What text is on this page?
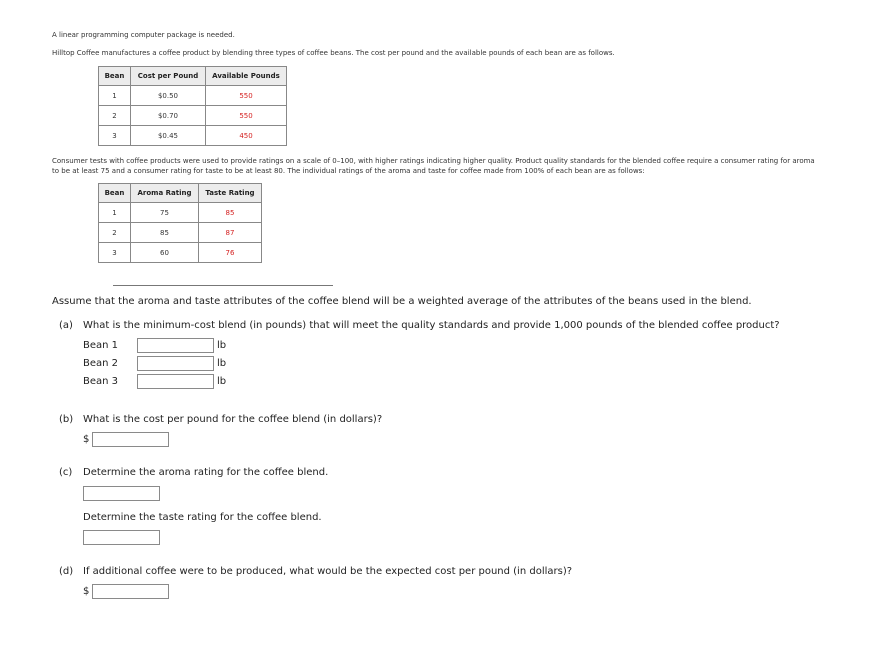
A linear programming computer package is needed.
Hilltop Coffee manufactures a coffee product by blending three types of coffee beans. The cost per pound and the available pounds of each bean are as follows.
Bean	Cost per Pound	Available Pounds
1	$0.50	550
2	$0.70	550
3	$0.45	450
Consumer tests with coffee products were used to provide ratings on a scale of 0–100, with higher ratings indicating higher quality. Product quality standards for the blended coffee require a consumer rating for aroma to be at least 75 and a consumer rating for taste to be at least 80. The individual ratings of the aroma and taste for coffee made from 100% of each bean are as follows:
Bean	Aroma Rating	Taste Rating
1	75	85
2	85	87
3	60	76
Assume that the aroma and taste attributes of the coffee blend will be a weighted average of the attributes of the beans used in the blend.
(a) What is the minimum-cost blend (in pounds) that will meet the quality standards and provide 1,000 pounds of the blended coffee product?
Bean 1	lb
Bean 2	lb
Bean 3	lb
(b) What is the cost per pound for the coffee blend (in dollars)?
$
(c) Determine the aroma rating for the coffee blend.
Determine the taste rating for the coffee blend.
(d) If additional coffee were to be produced, what would be the expected cost per pound (in dollars)?
$
